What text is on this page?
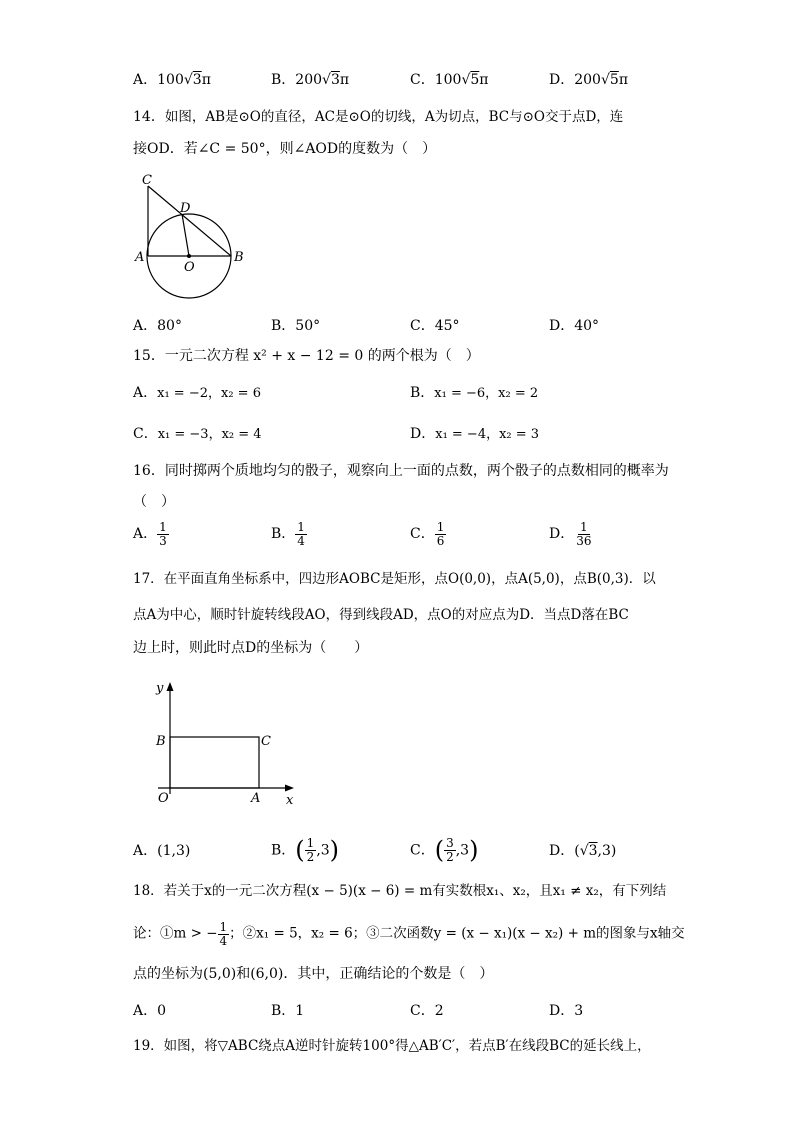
A．100√3π	B．200√3π	C．100√5π	D．200√5π
14．如图，AB是⊙O的直径，AC是⊙O的切线，A为切点，BC与⊙O交于点D，连
接OD．若∠C = 50°，则∠AOD的度数为（　）
C
D
A
O
B
A．80°	B．50°	C．45°	D．40°
15．一元二次方程 x² + x − 12 = 0 的两个根为（　）
A．x₁ = −2，x₂ = 6	B．x₁ = −6，x₂ = 2
C．x₁ = −3，x₂ = 4	D．x₁ = −4，x₂ = 3
16．同时掷两个质地均匀的骰子，观察向上一面的点数，两个骰子的点数相同的概率为
（　）
A． $\frac{1}{3}$	B． $\frac{1}{4}$	C． $\frac{1}{6}$	D． $\frac{1}{36}$
17．在平面直角坐标系中，四边形AOBC是矩形，点O(0,0)，点A(5,0)，点B(0,3)．以
点A为中心，顺时针旋转线段AO，得到线段AD，点O的对应点为D．当点D落在BC
边上时，则此时点D的坐标为（　　）
y
B	C
O	A x
A．(1,3)	B．( $\frac{1}{2} ,3$)	C．( $\frac{3}{2} ,3$)	D．(√3,3)
18．若关于x的一元二次方程(x − 5)(x − 6) = m有实数根x₁、x₂，且x₁ ≠ x₂，有下列结
论：①m > − $\frac{1}{4}$ ；②x₁ = 5，x₂ = 6；③二次函数y = (x − x₁)(x − x₂) + m的图象与x轴交
点的坐标为(5,0)和(6,0)．其中，正确结论的个数是（　）
A．0	B．1	C．2	D．3
19．如图，将▽ABC绕点A逆时针旋转100°得△AB′C′，若点B′在线段BC的延长线上，
